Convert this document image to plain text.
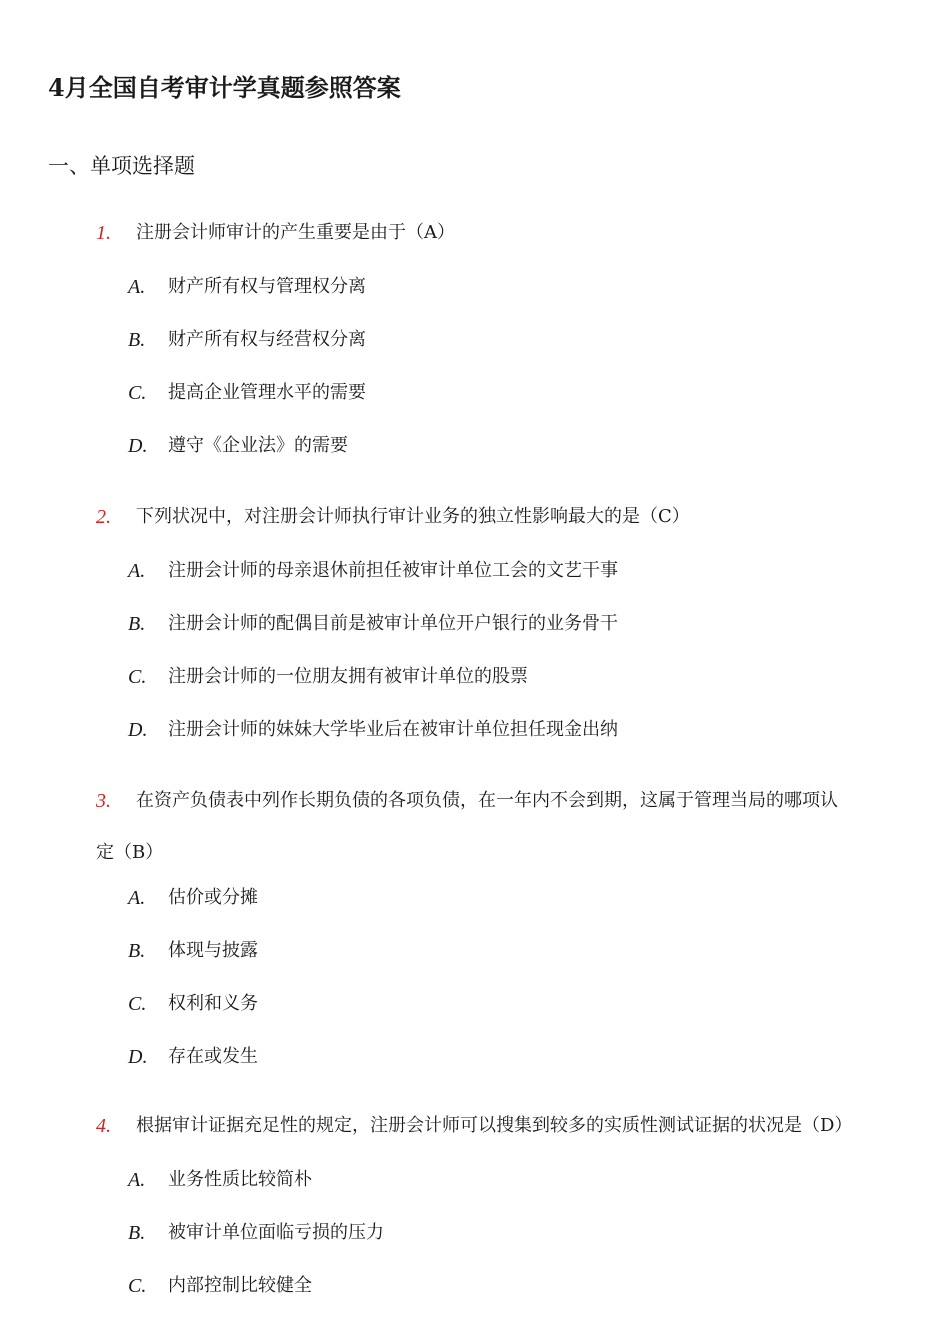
4月全国自考审计学真题参照答案
一、单项选择题
1. 注册会计师审计的产生重要是由于（A）
A. 财产所有权与管理权分离
B. 财产所有权与经营权分离
C. 提高企业管理水平的需要
D. 遵守《企业法》的需要
2. 下列状况中，对注册会计师执行审计业务的独立性影响最大的是（C）
A. 注册会计师的母亲退休前担任被审计单位工会的文艺干事
B. 注册会计师的配偶目前是被审计单位开户银行的业务骨干
C. 注册会计师的一位朋友拥有被审计单位的股票
D. 注册会计师的妹妹大学毕业后在被审计单位担任现金出纳
3. 在资产负债表中列作长期负债的各项负债，在一年内不会到期，这属于管理当局的哪项认
定（B）
A. 估价或分摊
B. 体现与披露
C. 权利和义务
D. 存在或发生
4. 根据审计证据充足性的规定，注册会计师可以搜集到较多的实质性测试证据的状况是（D）
A. 业务性质比较简朴
B. 被审计单位面临亏损的压力
C. 内部控制比较健全
